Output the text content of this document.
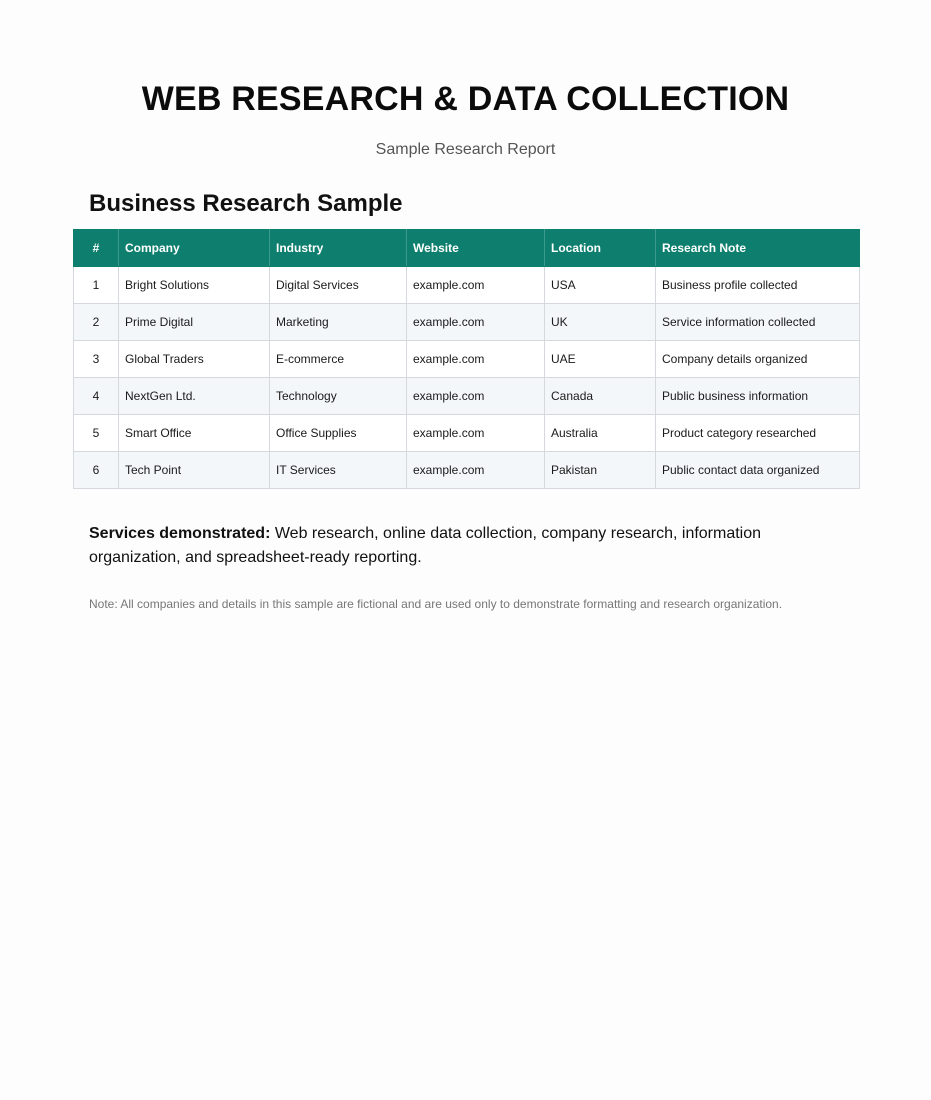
WEB RESEARCH & DATA COLLECTION

Sample Research Report

Business Research Sample
#	Company	Industry	Website	Location	Research Note
1	Bright Solutions	Digital Services	example.com	USA	Business profile collected
2	Prime Digital	Marketing	example.com	UK	Service information collected
3	Global Traders	E-commerce	example.com	UAE	Company details organized
4	NextGen Ltd.	Technology	example.com	Canada	Public business information
5	Smart Office	Office Supplies	example.com	Australia	Product category researched
6	Tech Point	IT Services	example.com	Pakistan	Public contact data organized

Services demonstrated: Web research, online data collection, company research, information organization, and spreadsheet-ready reporting.

Note: All companies and details in this sample are fictional and are used only to demonstrate formatting and research organization.
